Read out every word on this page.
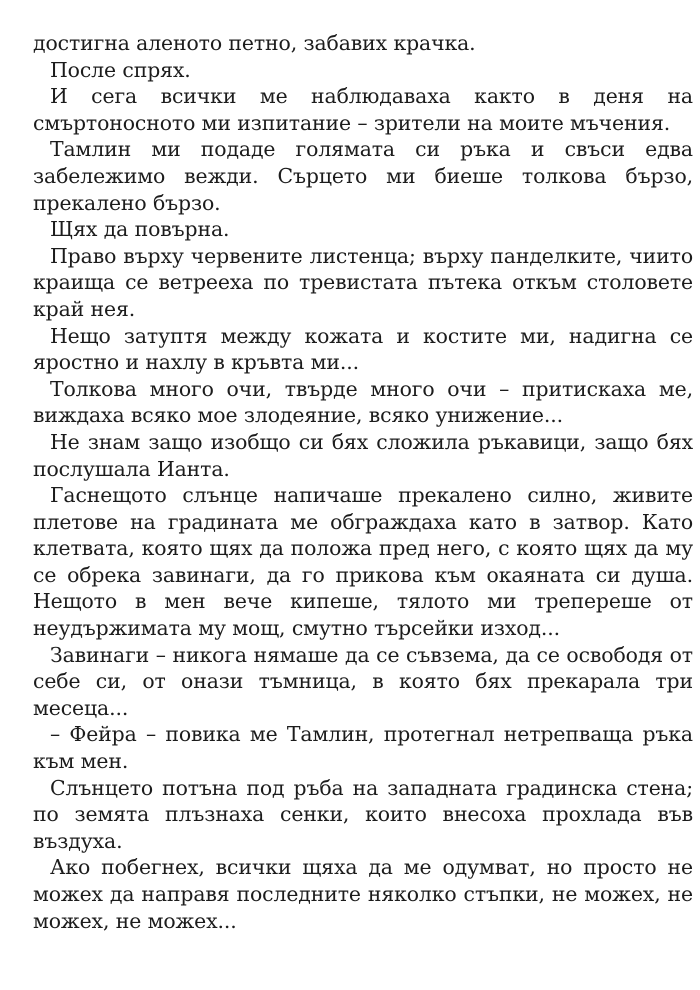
достигна аленото петно, забавих крачка.

После спрях.

И сега всички ме наблюдаваха както в деня на смъртоносното ми изпитание – зрители на моите мъчения.

Тамлин ми подаде голямата си ръка и свъси едва забележимо вежди. Сърцето ми биеше толкова бързо, прекалено бързо.

Щях да повърна.

Право върху червените листенца; върху панделките, чиито краища се ветрееха по тревистата пътека откъм столовете край нея.

Нещо затуптя между кожата и костите ми, надигна се яростно и нахлу в кръвта ми...

Толкова много очи, твърде много очи – притискаха ме, виждаха всяко мое злодеяние, всяко унижение...

Не знам защо изобщо си бях сложила ръкавици, защо бях послушала Ианта.

Гаснещото слънце напичаше прекалено силно, живите плетове на градината ме обграждаха като в затвор. Като клетвата, която щях да положа пред него, с която щях да му се обрека завинаги, да го прикова към окаяната си душа. Нещото в мен вече кипеше, тялото ми трепереше от неудържимата му мощ, смутно търсейки изход...

Завинаги – никога нямаше да се съвзема, да се освободя от себе си, от онази тъмница, в която бях прекарала три месеца...

– Фейра – повика ме Тамлин, протегнал нетрепваща ръка към мен.

Слънцето потъна под ръба на западната градинска стена; по земята плъзнаха сенки, които внесоха прохлада във въздуха.

Ако побегнех, всички щяха да ме одумват, но просто не можех да направя последните няколко стъпки, не можех, не можех, не можех...
